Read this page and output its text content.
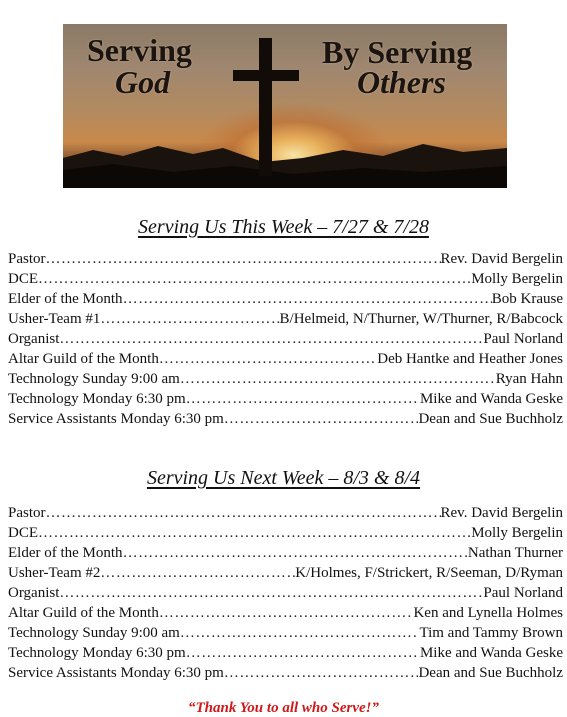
Serving
God
By Serving
Others
Serving Us This Week – 7/27 & 7/28
Pastor ……………………………………………………………………………………………………………………………	Rev. David Bergelin
DCE ……………………………………………………………………………………………………………………………	Molly Bergelin
Elder of the Month ……………………………………………………………………………………………………………………………	Bob Krause
Usher-Team #1 ……………………………………………………………………………………………………………………………	B/Helmeid, N/Thurner, W/Thurner, R/Babcock
Organist ……………………………………………………………………………………………………………………………	Paul Norland
Altar Guild of the Month ……………………………………………………………………………………………………………………………	Deb Hantke and Heather Jones
Technology Sunday 9:00 am ……………………………………………………………………………………………………………………………	Ryan Hahn
Technology Monday 6:30 pm ……………………………………………………………………………………………………………………………	Mike and Wanda Geske
Service Assistants Monday 6:30 pm ……………………………………………………………………………………………………………………………	Dean and Sue Buchholz
Serving Us Next Week – 8/3 & 8/4
Pastor ……………………………………………………………………………………………………………………………	Rev. David Bergelin
DCE ……………………………………………………………………………………………………………………………	Molly Bergelin
Elder of the Month ……………………………………………………………………………………………………………………………	Nathan Thurner
Usher-Team #2 ……………………………………………………………………………………………………………………………	K/Holmes, F/Strickert, R/Seeman, D/Ryman
Organist ……………………………………………………………………………………………………………………………	Paul Norland
Altar Guild of the Month ……………………………………………………………………………………………………………………………	Ken and Lynella Holmes
Technology Sunday 9:00 am ……………………………………………………………………………………………………………………………	Tim and Tammy Brown
Technology Monday 6:30 pm ……………………………………………………………………………………………………………………………	Mike and Wanda Geske
Service Assistants Monday 6:30 pm ……………………………………………………………………………………………………………………………	Dean and Sue Buchholz
“Thank You to all who Serve!”
